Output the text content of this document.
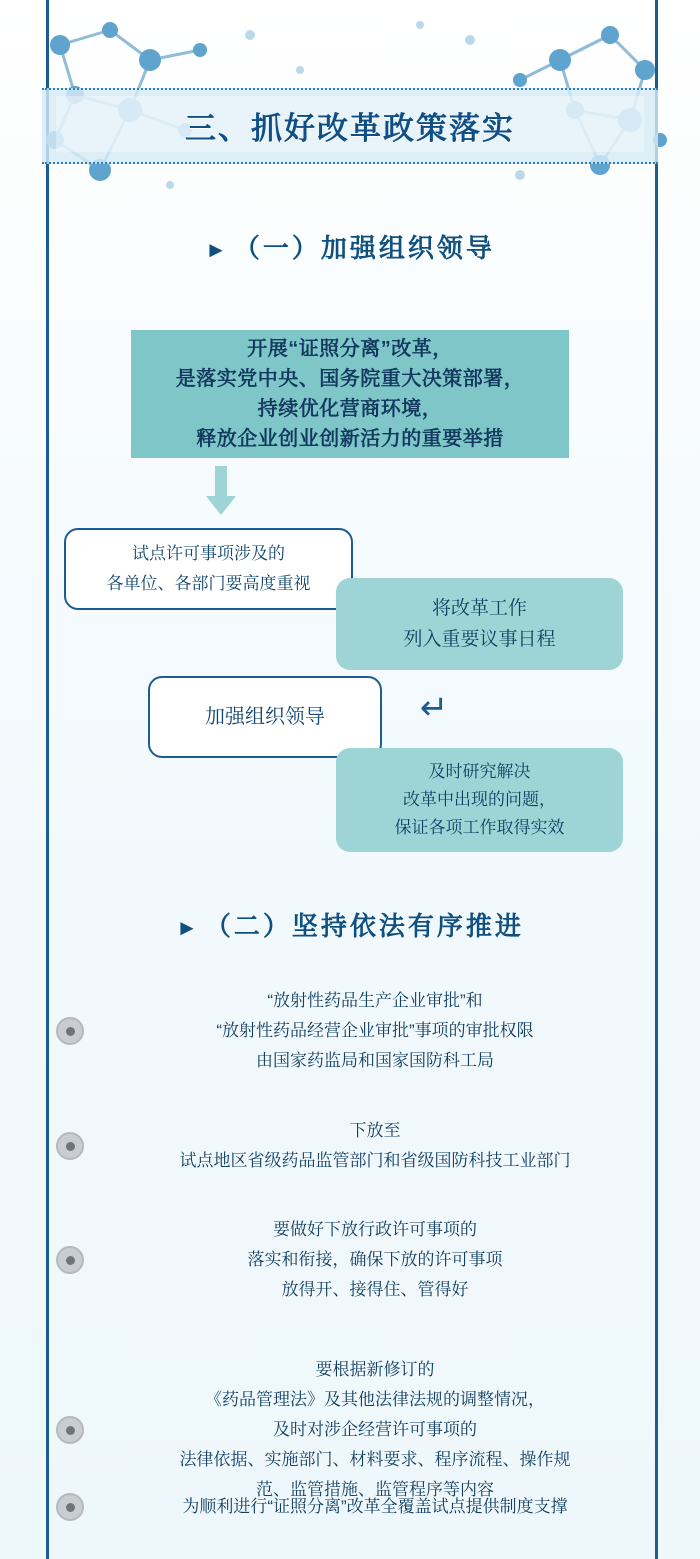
三、抓好改革政策落实
► （一）加强组织领导
开展“证照分离”改革，
是落实党中央、国务院重大决策部署，
持续优化营商环境，
释放企业创业创新活力的重要举措
试点许可事项涉及的
各单位、各部门要高度重视
将改革工作
列入重要议事日程
加强组织领导	↵
及时研究解决
改革中出现的问题，
保证各项工作取得实效
► （二）坚持依法有序推进
“放射性药品生产企业审批”和
“放射性药品经营企业审批”事项的审批权限
由国家药监局和国家国防科工局
下放至
试点地区省级药品监管部门和省级国防科技工业部门
要做好下放行政许可事项的
落实和衔接，确保下放的许可事项
放得开、接得住、管得好
要根据新修订的
《药品管理法》及其他法律法规的调整情况，
及时对涉企经营许可事项的
法律依据、实施部门、材料要求、程序流程、操作规
范、监管措施、监管程序等内容
为顺利进行“证照分离”改革全覆盖试点提供制度支撑
